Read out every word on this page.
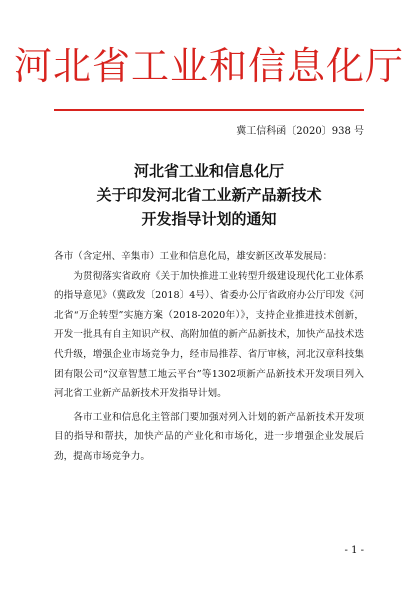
河北省工业和信息化厅
冀工信科函〔2020〕938 号
河北省工业和信息化厅
关于印发河北省工业新产品新技术
开发指导计划的通知
各市（含定州、辛集市）工业和信息化局，雄安新区改革发展局：

为贯彻落实省政府《关于加快推进工业转型升级建设现代化工业体系的指导意见》（冀政发〔2018〕4号）、省委办公厅省政府办公厅印发《河北省“万企转型”实施方案（2018-2020年）》，支持企业推进技术创新，开发一批具有自主知识产权、高附加值的新产品新技术，加快产品技术迭代升级，增强企业市场竞争力，经市局推荐、省厅审核，河北汉章科技集团有限公司“汉章智慧工地云平台”等1302项新产品新技术开发项目列入河北省工业新产品新技术开发指导计划。

各市工业和信息化主管部门要加强对列入计划的新产品新技术开发项目的指导和帮扶，加快产品的产业化和市场化，进一步增强企业发展后劲，提高市场竞争力。

- 1 -
